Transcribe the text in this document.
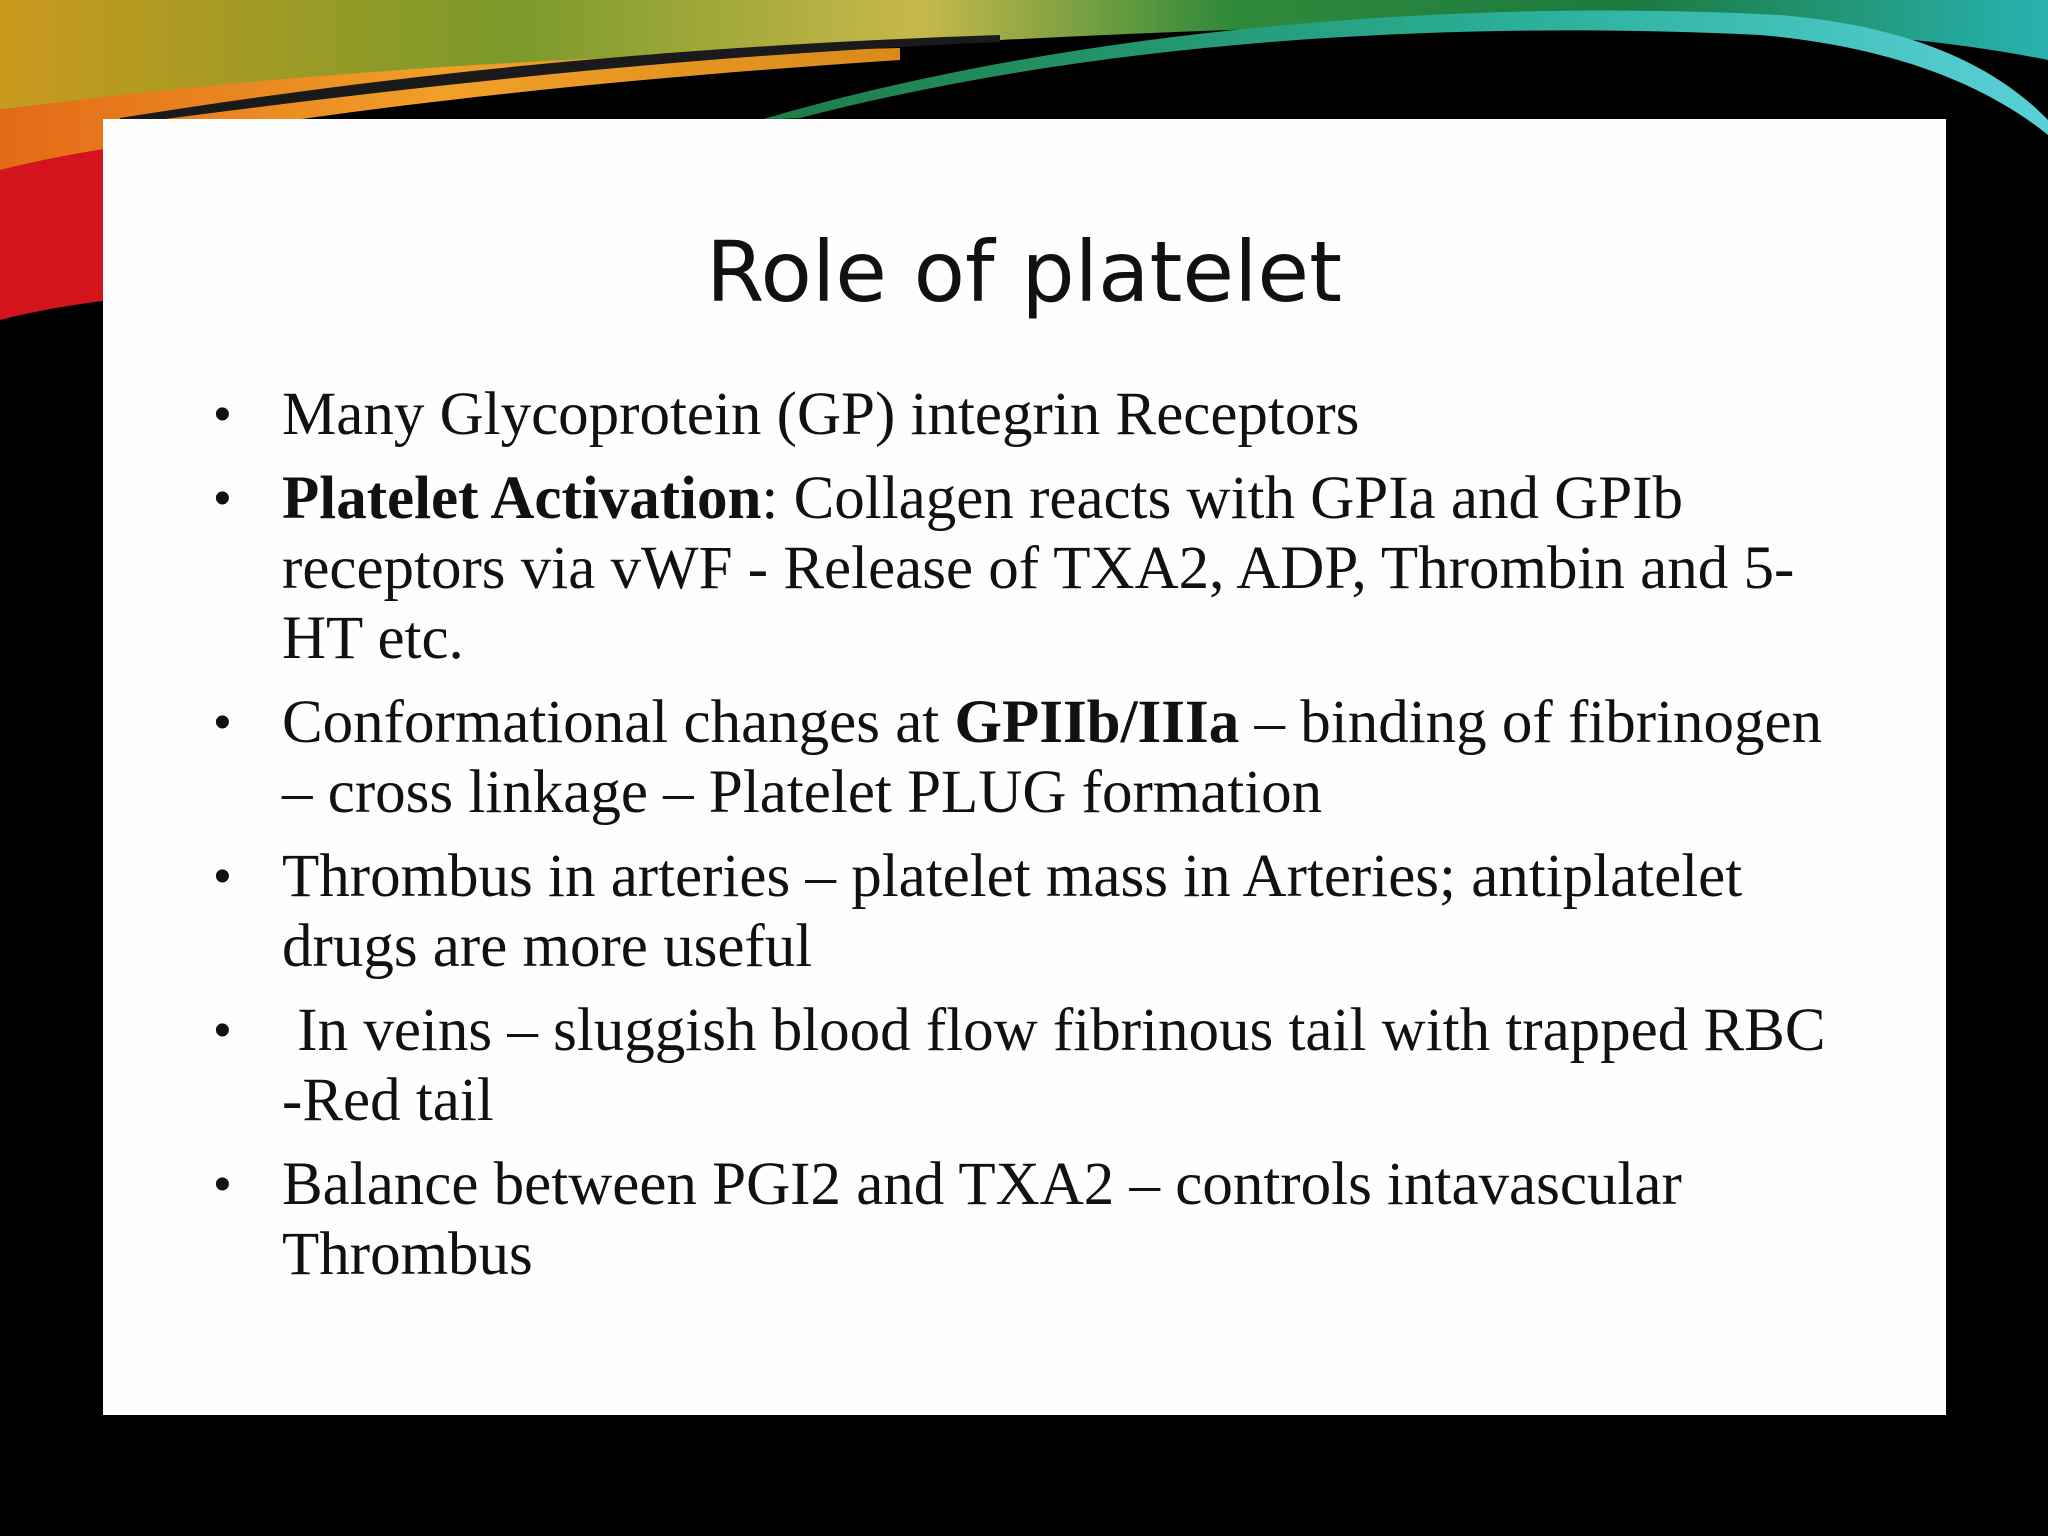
Role of platelet
• Many Glycoprotein (GP) integrin Receptors
• Platelet Activation: Collagen reacts with GPIa and GPIb receptors via vWF - Release of TXA2, ADP, Thrombin and 5-HT etc.
• Conformational changes at GPIIb/IIIa – binding of fibrinogen – cross linkage – Platelet PLUG formation
• Thrombus in arteries – platelet mass in Arteries; antiplatelet drugs are more useful
• In veins – sluggish blood flow fibrinous tail with trapped RBC -Red tail
• Balance between PGI2 and TXA2 – controls intavascular Thrombus
